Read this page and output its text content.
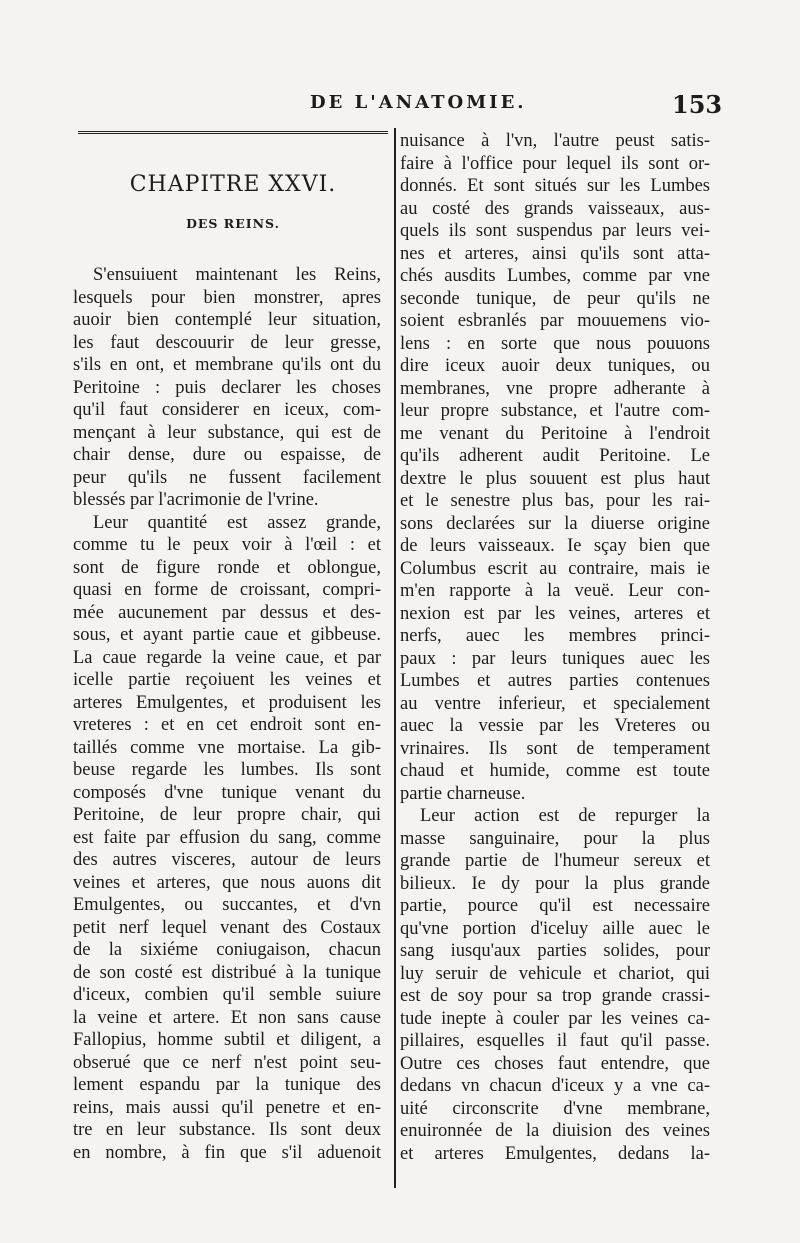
DE L'ANATOMIE.	153
CHAPITRE XXVI.
DES REINS.
S'ensuiuent maintenant les Reins,
lesquels pour bien monstrer, apres
auoir bien contemplé leur situation,
les faut descouurir de leur gresse,
s'ils en ont, et membrane qu'ils ont du
Peritoine : puis declarer les choses
qu'il faut considerer en iceux, com-
mençant à leur substance, qui est de
chair dense, dure ou espaisse, de
peur qu'ils ne fussent facilement
blessés par l'acrimonie de l'vrine.
Leur quantité est assez grande,
comme tu le peux voir à l'œil : et
sont de figure ronde et oblongue,
quasi en forme de croissant, compri-
mée aucunement par dessus et des-
sous, et ayant partie caue et gibbeuse.
La caue regarde la veine caue, et par
icelle partie reçoiuent les veines et
arteres Emulgentes, et produisent les
vreteres : et en cet endroit sont en-
taillés comme vne mortaise. La gib-
beuse regarde les lumbes. Ils sont
composés d'vne tunique venant du
Peritoine, de leur propre chair, qui
est faite par effusion du sang, comme
des autres visceres, autour de leurs
veines et arteres, que nous auons dit
Emulgentes, ou succantes, et d'vn
petit nerf lequel venant des Costaux
de la sixiéme coniugaison, chacun
de son costé est distribué à la tunique
d'iceux, combien qu'il semble suiure
la veine et artere. Et non sans cause
Fallopius, homme subtil et diligent, a
obserué que ce nerf n'est point seu-
lement espandu par la tunique des
reins, mais aussi qu'il penetre et en-
tre en leur substance. Ils sont deux
en nombre, à fin que s'il aduenoit
nuisance à l'vn, l'autre peust satis-
faire à l'office pour lequel ils sont or-
donnés. Et sont situés sur les Lumbes
au costé des grands vaisseaux, aus-
quels ils sont suspendus par leurs vei-
nes et arteres, ainsi qu'ils sont atta-
chés ausdits Lumbes, comme par vne
seconde tunique, de peur qu'ils ne
soient esbranlés par mouuemens vio-
lens : en sorte que nous pouuons
dire iceux auoir deux tuniques, ou
membranes, vne propre adherante à
leur propre substance, et l'autre com-
me venant du Peritoine à l'endroit
qu'ils adherent audit Peritoine. Le
dextre le plus souuent est plus haut
et le senestre plus bas, pour les rai-
sons declarées sur la diuerse origine
de leurs vaisseaux. Ie sçay bien que
Columbus escrit au contraire, mais ie
m'en rapporte à la veuë. Leur con-
nexion est par les veines, arteres et
nerfs, auec les membres princi-
paux : par leurs tuniques auec les
Lumbes et autres parties contenues
au ventre inferieur, et specialement
auec la vessie par les Vreteres ou
vrinaires. Ils sont de temperament
chaud et humide, comme est toute
partie charneuse.
Leur action est de repurger la
masse sanguinaire, pour la plus
grande partie de l'humeur sereux et
bilieux. Ie dy pour la plus grande
partie, pource qu'il est necessaire
qu'vne portion d'iceluy aille auec le
sang iusqu'aux parties solides, pour
luy seruir de vehicule et chariot, qui
est de soy pour sa trop grande crassi-
tude inepte à couler par les veines ca-
pillaires, esquelles il faut qu'il passe.
Outre ces choses faut entendre, que
dedans vn chacun d'iceux y a vne ca-
uité circonscrite d'vne membrane,
enuironnée de la diuision des veines
et arteres Emulgentes, dedans la-
